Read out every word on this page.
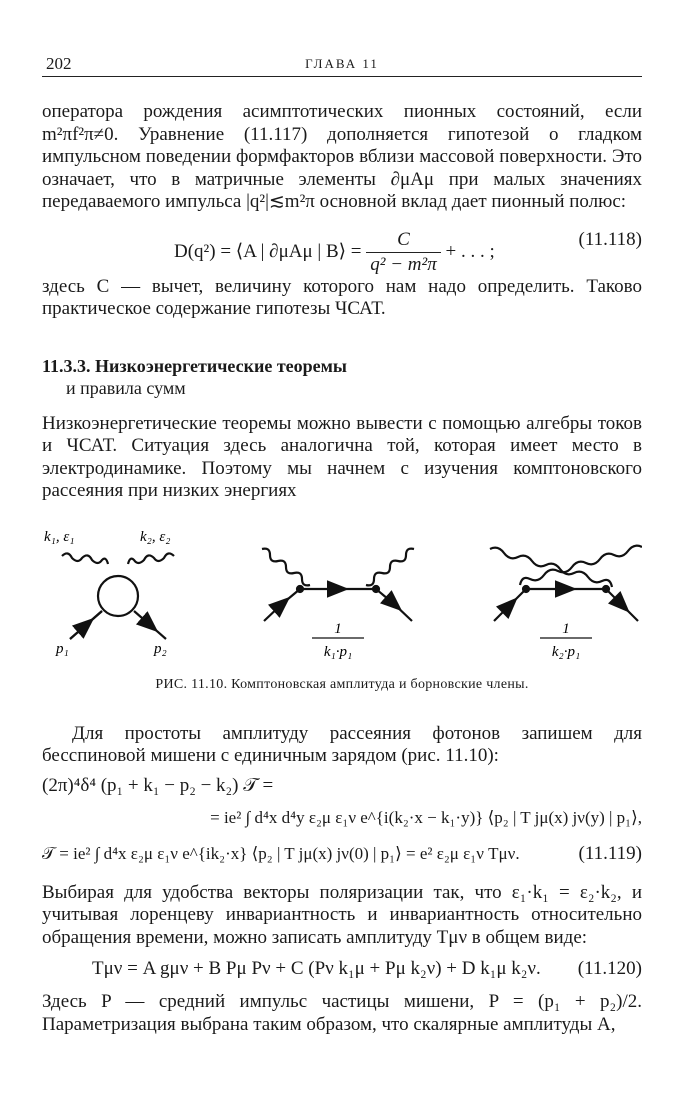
202	ГЛАВА 11

оператора рождения асимптотических пионных состояний, если m²πf²π≠0. Уравнение (11.117) дополняется гипотезой о гладком импульсном поведении формфакторов вблизи массовой поверхности. Это означает, что в матричные элементы ∂μAμ при малых значениях передаваемого импульса |q²|≲m²π основной вклад дает пионный полюс:

D(q²) = ⟨A | ∂μAμ | B⟩ = $\frac{C}{\text{q² − m²π}}$ + . . . ;
(11.118)

здесь C — вычет, величину которого нам надо определить. Таково практическое содержание гипотезы ЧСАТ.

11.3.3. Низкоэнергетические теоремы

и правила сумм

Низкоэнергетические теоремы можно вывести с помощью алгебры токов и ЧСАТ. Ситуация здесь аналогична той, которая имеет место в электродинамике. Поэтому мы начнем с изучения комптоновского рассеяния при низких энергиях

k₁, ε₁	k₂, ε₂
p₁	p₂
1
k₁·p₁
1
k₂·p₁
РИС. 11.10. Комптоновская амплитуда и борновские члены.

Для простоты амплитуду рассеяния фотонов запишем для бесспиновой мишени с единичным зарядом (рис. 11.10):

(2π)⁴δ⁴ (p₁ + k₁ − p₂ − k₂) 𝒯 =
= ie² ∫ d⁴x d⁴y ε₂μ ε₁ν e^{i(k₂·x − k₁·y)} ⟨p₂ | T jμ(x) jν(y) | p₁⟩,
𝒯 = ie² ∫ d⁴x ε₂μ ε₁ν e^{ik₂·x} ⟨p₂ | T jμ(x) jν(0) | p₁⟩ = e² ε₂μ ε₁ν Tμν.	(11.119)

Выбирая для удобства векторы поляризации так, что ε₁·k₁ = ε₂·k₂, и учитывая лоренцеву инвариантность и инвариантность относительно обращения времени, можно записать амплитуду Tμν в общем виде:

Tμν = A gμν + B Pμ Pν + C (Pν k₁μ + Pμ k₂ν) + D k₁μ k₂ν. (11.120)

Здесь P — средний импульс частицы мишени, P = (p₁ + p₂)/2. Параметризация выбрана таким образом, что скалярные амплитуды A,
